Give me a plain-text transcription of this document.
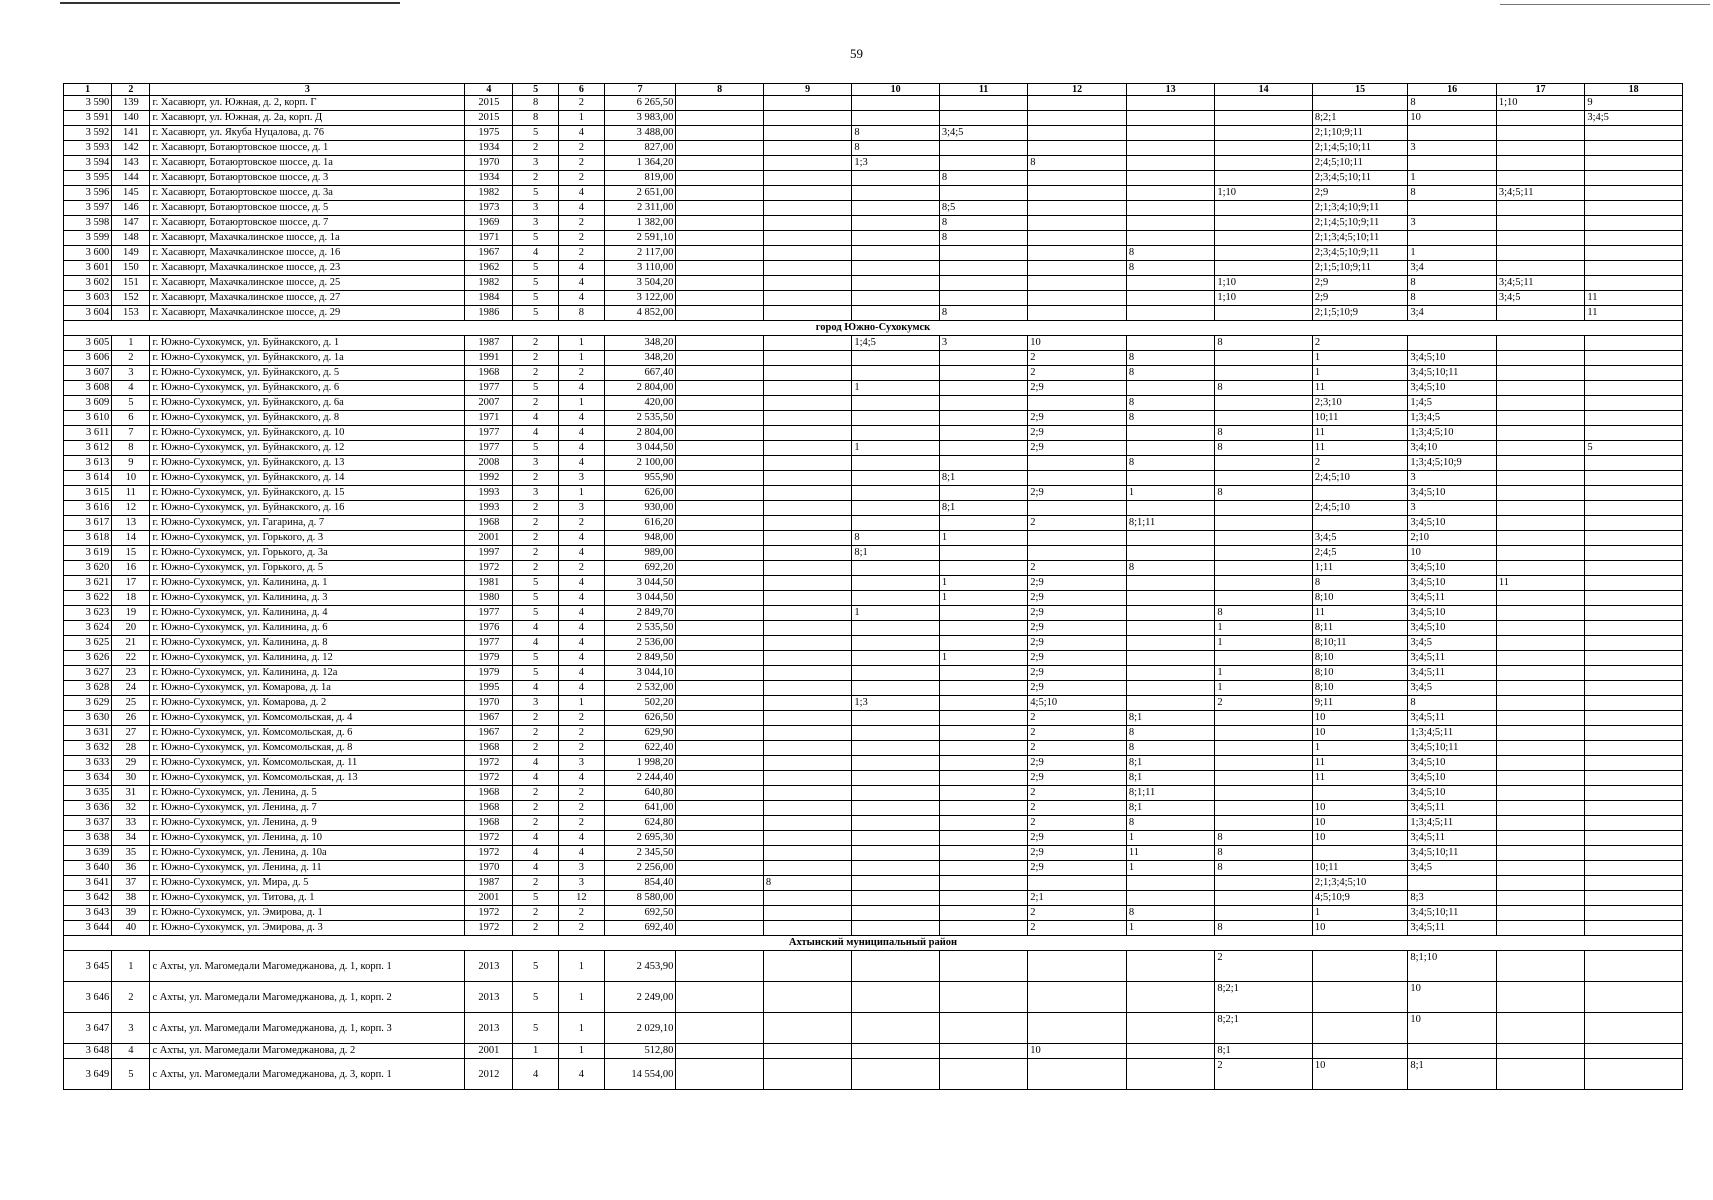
59
1	2	3	4	5	6	7	8	9	10	11	12	13	14	15	16	17	18
3 590	139	г. Хасавюрт, ул. Южная, д. 2, корп. Г	2015	8	2	6 265,50									8	1;10	9
3 591	140	г. Хасавюрт, ул. Южная, д. 2а, корп. Д	2015	8	1	3 983,00								8;2;1	10		3;4;5
3 592	141	г. Хасавюрт, ул. Якуба Нуцалова, д. 76	1975	5	4	3 488,00			8	3;4;5				2;1;10;9;11			
3 593	142	г. Хасавюрт, Ботаюртовское шоссе, д. 1	1934	2	2	827,00			8					2;1;4;5;10;11	3		
3 594	143	г. Хасавюрт, Ботаюртовское шоссе, д. 1а	1970	3	2	1 364,20			1;3		8			2;4;5;10;11			
3 595	144	г. Хасавюрт, Ботаюртовское шоссе, д. 3	1934	2	2	819,00				8				2;3;4;5;10;11	1		
3 596	145	г. Хасавюрт, Ботаюртовское шоссе, д. 3а	1982	5	4	2 651,00							1;10	2;9	8	3;4;5;11	
3 597	146	г. Хасавюрт, Ботаюртовское шоссе, д. 5	1973	3	4	2 311,00				8;5				2;1;3;4;10;9;11			
3 598	147	г. Хасавюрт, Ботаюртовское шоссе, д. 7	1969	3	2	1 382,00				8				2;1;4;5;10;9;11	3		
3 599	148	г. Хасавюрт, Махачкалинское шоссе, д. 1а	1971	5	2	2 591,10				8				2;1;3;4;5;10;11			
3 600	149	г. Хасавюрт, Махачкалинское шоссе, д. 16	1967	4	2	2 117,00						8		2;3;4;5;10;9;11	1		
3 601	150	г. Хасавюрт, Махачкалинское шоссе, д. 23	1962	5	4	3 110,00						8		2;1;5;10;9;11	3;4		
3 602	151	г. Хасавюрт, Махачкалинское шоссе, д. 25	1982	5	4	3 504,20							1;10	2;9	8	3;4;5;11	
3 603	152	г. Хасавюрт, Махачкалинское шоссе, д. 27	1984	5	4	3 122,00							1;10	2;9	8	3;4;5	11
3 604	153	г. Хасавюрт, Махачкалинское шоссе, д. 29	1986	5	8	4 852,00				8				2;1;5;10;9	3;4		11
город Южно-Сухокумск																	
3 605	1	г. Южно-Сухокумск, ул. Буйнакского, д. 1	1987	2	1	348,20			1;4;5	3	10		8	2			
3 606	2	г. Южно-Сухокумск, ул. Буйнакского, д. 1а	1991	2	1	348,20					2	8		1	3;4;5;10		
3 607	3	г. Южно-Сухокумск, ул. Буйнакского, д. 5	1968	2	2	667,40					2	8		1	3;4;5;10;11		
3 608	4	г. Южно-Сухокумск, ул. Буйнакского, д. 6	1977	5	4	2 804,00			1		2;9		8	11	3;4;5;10		
3 609	5	г. Южно-Сухокумск, ул. Буйнакского, д. 6а	2007	2	1	420,00						8		2;3;10	1;4;5		
3 610	6	г. Южно-Сухокумск, ул. Буйнакского, д. 8	1971	4	4	2 535,50					2;9	8		10;11	1;3;4;5		
3 611	7	г. Южно-Сухокумск, ул. Буйнакского, д. 10	1977	4	4	2 804,00					2;9		8	11	1;3;4;5;10		
3 612	8	г. Южно-Сухокумск, ул. Буйнакского, д. 12	1977	5	4	3 044,50			1		2;9		8	11	3;4;10		5
3 613	9	г. Южно-Сухокумск, ул. Буйнакского, д. 13	2008	3	4	2 100,00						8		2	1;3;4;5;10;9		
3 614	10	г. Южно-Сухокумск, ул. Буйнакского, д. 14	1992	2	3	955,90				8;1				2;4;5;10	3		
3 615	11	г. Южно-Сухокумск, ул. Буйнакского, д. 15	1993	3	1	626,00					2;9	1	8		3;4;5;10		
3 616	12	г. Южно-Сухокумск, ул. Буйнакского, д. 16	1993	2	3	930,00				8;1				2;4;5;10	3		
3 617	13	г. Южно-Сухокумск, ул. Гагарина, д. 7	1968	2	2	616,20					2	8;1;11			3;4;5;10		
3 618	14	г. Южно-Сухокумск, ул. Горького, д. 3	2001	2	4	948,00			8	1				3;4;5	2;10		
3 619	15	г. Южно-Сухокумск, ул. Горького, д. 3а	1997	2	4	989,00			8;1					2;4;5	10		
3 620	16	г. Южно-Сухокумск, ул. Горького, д. 5	1972	2	2	692,20					2	8		1;11	3;4;5;10		
3 621	17	г. Южно-Сухокумск, ул. Калинина, д. 1	1981	5	4	3 044,50				1	2;9			8	3;4;5;10	11	
3 622	18	г. Южно-Сухокумск, ул. Калинина, д. 3	1980	5	4	3 044,50				1	2;9			8;10	3;4;5;11		
3 623	19	г. Южно-Сухокумск, ул. Калинина, д. 4	1977	5	4	2 849,70			1		2;9		8	11	3;4;5;10		
3 624	20	г. Южно-Сухокумск, ул. Калинина, д. 6	1976	4	4	2 535,50					2;9		1	8;11	3;4;5;10		
3 625	21	г. Южно-Сухокумск, ул. Калинина, д. 8	1977	4	4	2 536,00					2;9		1	8;10;11	3;4;5		
3 626	22	г. Южно-Сухокумск, ул. Калинина, д. 12	1979	5	4	2 849,50				1	2;9			8;10	3;4;5;11		
3 627	23	г. Южно-Сухокумск, ул. Калинина, д. 12а	1979	5	4	3 044,10					2;9		1	8;10	3;4;5;11		
3 628	24	г. Южно-Сухокумск, ул. Комарова, д. 1а	1995	4	4	2 532,00					2;9		1	8;10	3;4;5		
3 629	25	г. Южно-Сухокумск, ул. Комарова, д. 2	1970	3	1	502,20			1;3		4;5;10		2	9;11	8		
3 630	26	г. Южно-Сухокумск, ул. Комсомольская, д. 4	1967	2	2	626,50					2	8;1		10	3;4;5;11		
3 631	27	г. Южно-Сухокумск, ул. Комсомольская, д. 6	1967	2	2	629,90					2	8		10	1;3;4;5;11		
3 632	28	г. Южно-Сухокумск, ул. Комсомольская, д. 8	1968	2	2	622,40					2	8		1	3;4;5;10;11		
3 633	29	г. Южно-Сухокумск, ул. Комсомольская, д. 11	1972	4	3	1 998,20					2;9	8;1		11	3;4;5;10		
3 634	30	г. Южно-Сухокумск, ул. Комсомольская, д. 13	1972	4	4	2 244,40					2;9	8;1		11	3;4;5;10		
3 635	31	г. Южно-Сухокумск, ул. Ленина, д. 5	1968	2	2	640,80					2	8;1;11			3;4;5;10		
3 636	32	г. Южно-Сухокумск, ул. Ленина, д. 7	1968	2	2	641,00					2	8;1		10	3;4;5;11		
3 637	33	г. Южно-Сухокумск, ул. Ленина, д. 9	1968	2	2	624,80					2	8		10	1;3;4;5;11		
3 638	34	г. Южно-Сухокумск, ул. Ленина, д. 10	1972	4	4	2 695,30					2;9	1	8	10	3;4;5;11		
3 639	35	г. Южно-Сухокумск, ул. Ленина, д. 10а	1972	4	4	2 345,50					2;9	11	8		3;4;5;10;11		
3 640	36	г. Южно-Сухокумск, ул. Ленина, д. 11	1970	4	3	2 256,00					2;9	1	8	10;11	3;4;5		
3 641	37	г. Южно-Сухокумск, ул. Мира, д. 5	1987	2	3	854,40		8						2;1;3;4;5;10			
3 642	38	г. Южно-Сухокумск, ул. Титова, д. 1	2001	5	12	8 580,00					2;1			4;5;10;9	8;3		
3 643	39	г. Южно-Сухокумск, ул. Эмирова, д. 1	1972	2	2	692,50					2	8		1	3;4;5;10;11		
3 644	40	г. Южно-Сухокумск, ул. Эмирова, д. 3	1972	2	2	692,40					2	1	8	10	3;4;5;11		
Ахтынский муниципальный район																	
3 645	1	с Ахты, ул. Магомедали Магомеджанова, д. 1, корп. 1	2013	5	1	2 453,90							2		8;1;10		
3 646	2	с Ахты, ул. Магомедали Магомеджанова, д. 1, корп. 2	2013	5	1	2 249,00							8;2;1		10		
3 647	3	с Ахты, ул. Магомедали Магомеджанова, д. 1, корп. 3	2013	5	1	2 029,10							8;2;1		10		
3 648	4	с Ахты, ул. Магомедали Магомеджанова, д. 2	2001	1	1	512,80					10		8;1				
3 649	5	с Ахты, ул. Магомедали Магомеджанова, д. 3, корп. 1	2012	4	4	14 554,00							2	10	8;1		
